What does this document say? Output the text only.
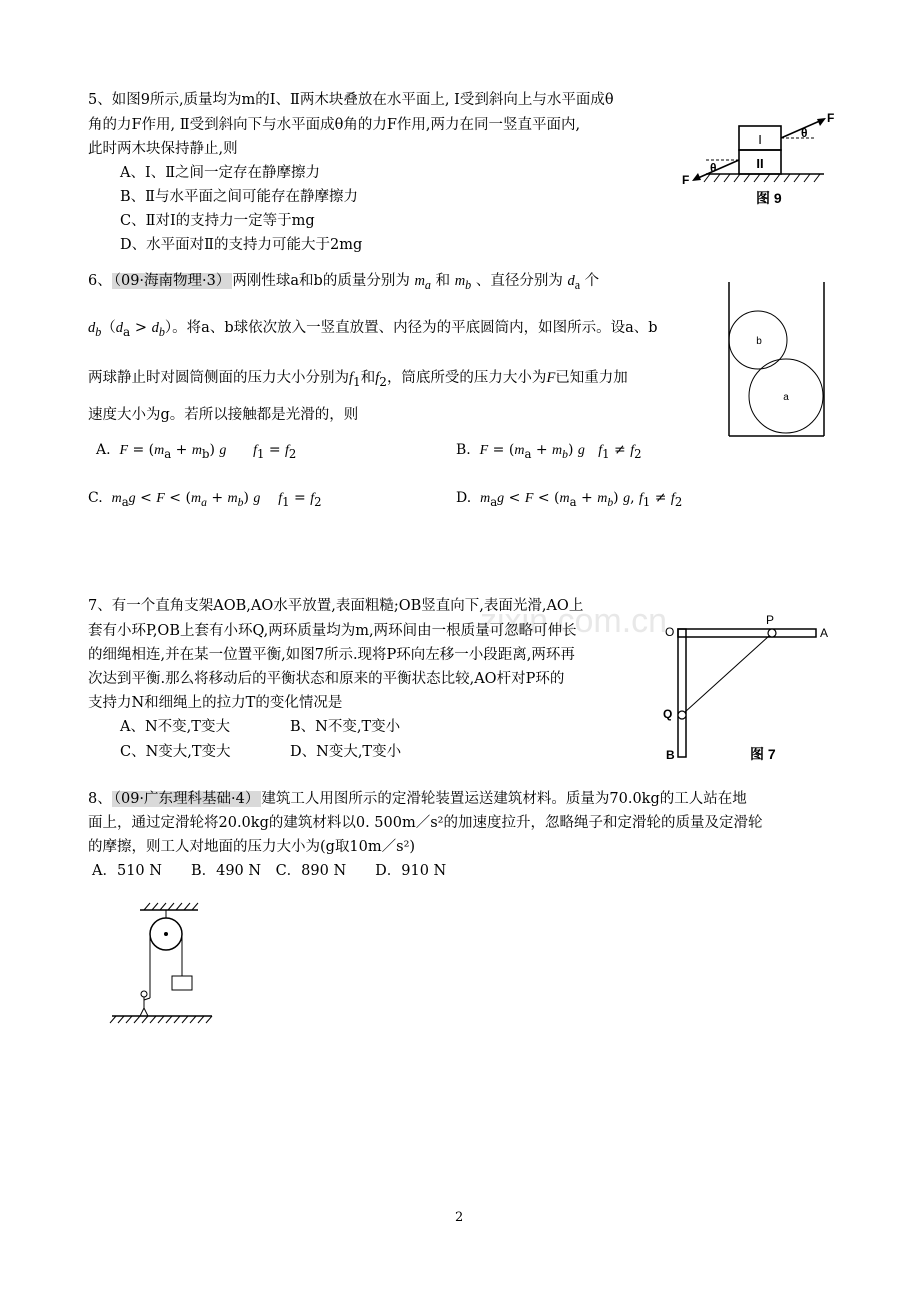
zixin.com.cn
5、如图9所示,质量均为m的Ⅰ、Ⅱ两木块叠放在水平面上, Ⅰ受到斜向上与水平面成θ
角的力F作用, Ⅱ受到斜向下与水平面成θ角的力F作用,两力在同一竖直平面内,
此时两木块保持静止,则
A、Ⅰ、Ⅱ之间一定存在静摩擦力
B、Ⅱ与水平面之间可能存在静摩擦力
C、Ⅱ对Ⅰ的支持力一定等于mg
D、水平面对Ⅱ的支持力可能大于2mg
I
II
F
θ
F
θ
图 9
6、 （09·海南物理·3） 两刚性球a和b的质量分别为 $m_a$ 和 $m_b$ 、直径分别为 $d_a$ 个
$d_b(d_a > d_b)$。将a、b球依次放入一竖直放置、内径为的平底圆筒内，如图所示。设a、b
两球静止时对圆筒侧面的压力大小分别为$f_1$和$f_2$，筒底所受的压力大小为F已知重力加
速度大小为g。若所以接触都是光滑的，则
A. $F = (m_a + m_b)$ g $f_1 = f_2$	B. $F = (m_a + m_b)$ g $f_1 \ne f_2$
C. $m_ag < F < (m_a + m_b)$ g $f_1 = f_2$	D. $m_ag < F < (m_a + m_b)$ g, $f_1 \ne f_2$
b
a
7、有一个直角支架AOB,AO水平放置,表面粗糙;OB竖直向下,表面光滑,AO上
套有小环P,OB上套有小环Q,两环质量均为m,两环间由一根质量可忽略可伸长
的细绳相连,并在某一位置平衡,如图7所示.现将P环向左移一小段距离,两环再
次达到平衡.那么将移动后的平衡状态和原来的平衡状态比较,AO杆对P环的
支持力N和细绳上的拉力T的变化情况是
A、N不变,T变大	B、N不变,T变小
C、N变大,T变大	D、N变大,T变小
O
P
A
Q
B	图 7
8、 （09·广东理科基础·4） 建筑工人用图所示的定滑轮装置运送建筑材料。质量为70.0kg的工人站在地
面上，通过定滑轮将20.0kg的建筑材料以0. 500m／s²的加速度拉升，忽略绳子和定滑轮的质量及定滑轮
的摩擦，则工人对地面的压力大小为(g取10m／s²)
A．510 N　　B．490 N　C．890 N　　D．910 N
2
